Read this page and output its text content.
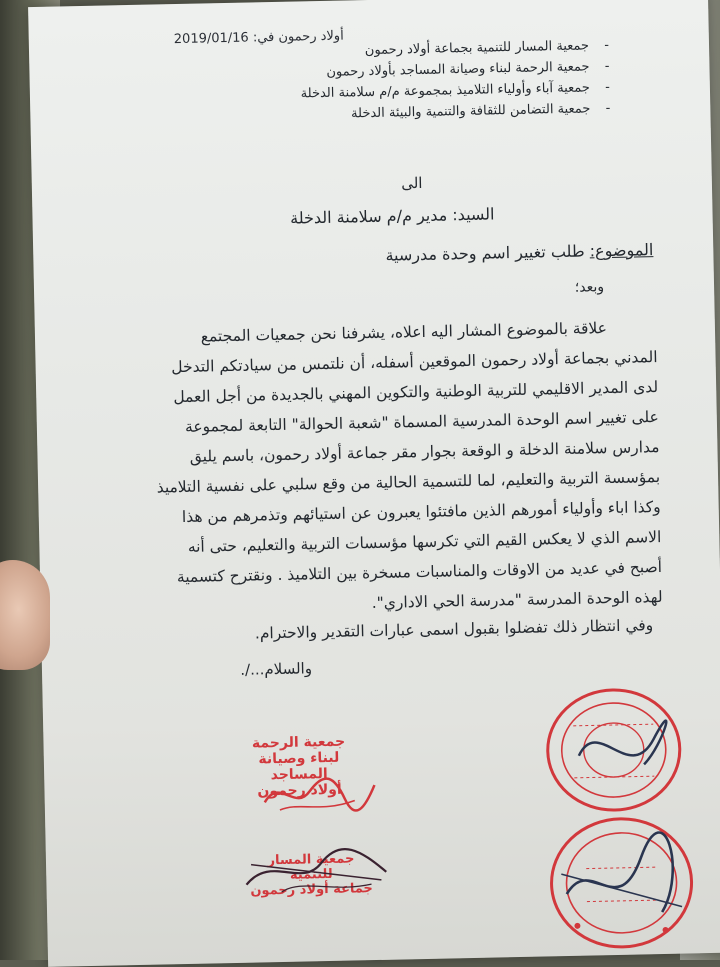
أولاد رحمون في: 2019/01/16
- جمعية المسار للتنمية بجماعة أولاد رحمون
- جمعية الرحمة لبناء وصيانة المساجد بأولاد رحمون
- جمعية آباء وأولياء التلاميذ بمجموعة م/م سلامنة الدخلة
- جمعية التضامن للثقافة والتنمية والبيئة الدخلة
الى
السيد: مدير م/م سلامنة الدخلة
الموضوع: طلب تغيير اسم وحدة مدرسية
وبعد؛
علاقة بالموضوع المشار اليه اعلاه، يشرفنا نحن جمعيات المجتمع
المدني بجماعة أولاد رحمون الموقعين أسفله، أن نلتمس من سيادتكم التدخل
لدى المدير الاقليمي للتربية الوطنية والتكوين المهني بالجديدة من أجل العمل
على تغيير اسم الوحدة المدرسية المسماة "شعبة الحوالة" التابعة لمجموعة
مدارس سلامنة الدخلة و الوقعة بجوار مقر جماعة أولاد رحمون، باسم يليق
بمؤسسة التربية والتعليم، لما للتسمية الحالية من وقع سلبي على نفسية التلاميذ
وكذا اباء وأولياء أمورهم الذين مافتئوا يعبرون عن استيائهم وتذمرهم من هذا
الاسم الذي لا يعكس القيم التي تكرسها مؤسسات التربية والتعليم، حتى أنه
أصبح في عديد من الاوقات والمناسبات مسخرة بين التلاميذ . ونقترح كتسمية
لهذه الوحدة المدرسة "مدرسة الحي الاداري".
وفي انتظار ذلك تفضلوا بقبول اسمى عبارات التقدير والاحترام.
والسلام.../.
جمعية الرحمة
لبناء وصيانة المساجد
أولاد رحمون
جمعية المسار للتنمية
جماعة أولاد رحمون
